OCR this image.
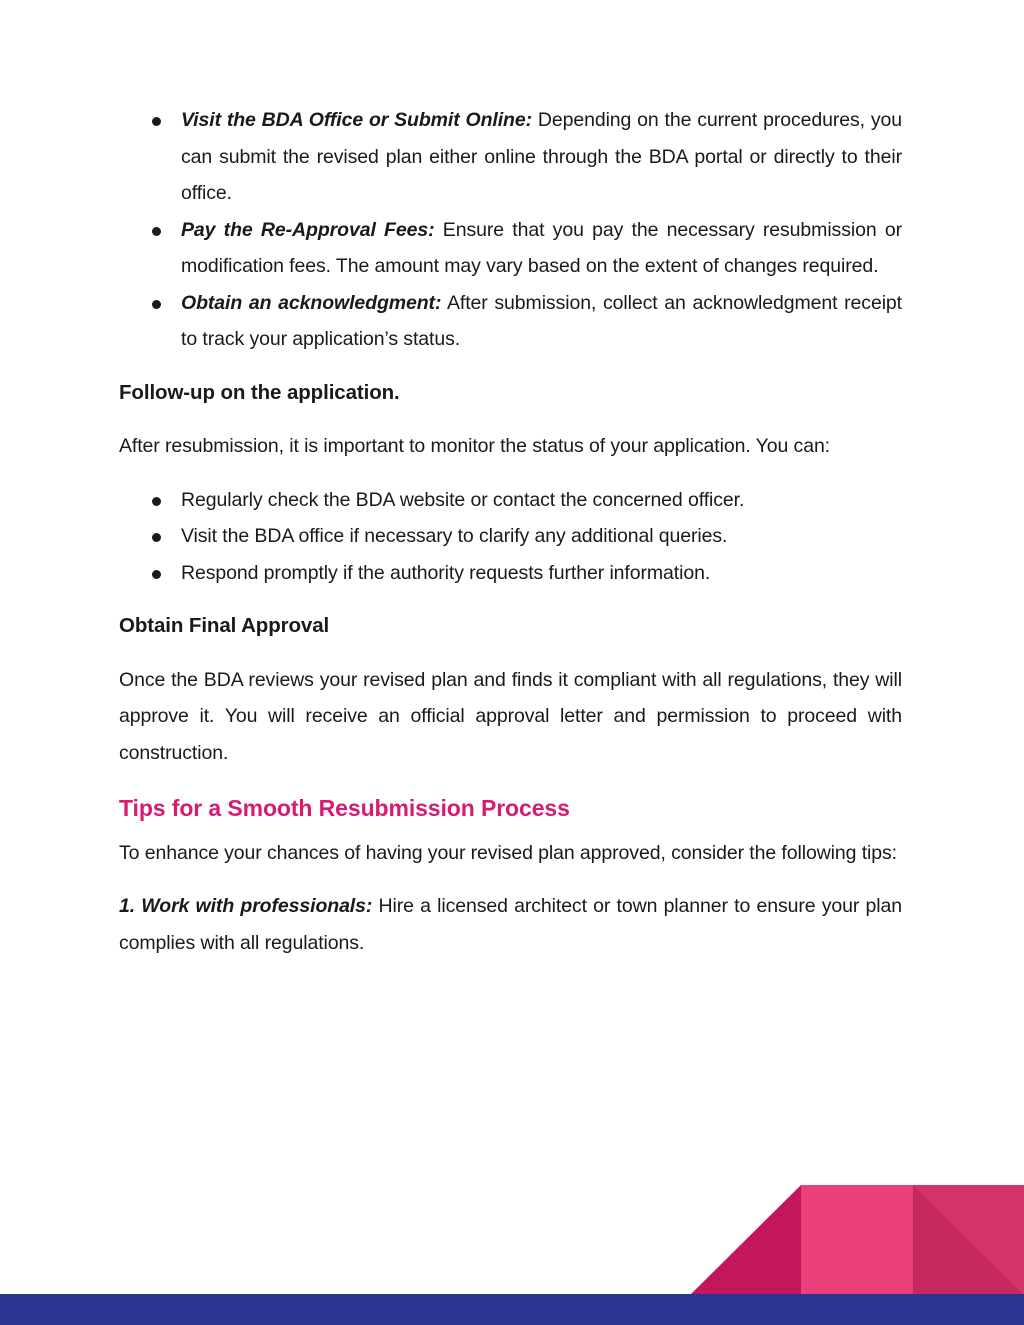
Visit the BDA Office or Submit Online: Depending on the current procedures, you can submit the revised plan either online through the BDA portal or directly to their office.
Pay the Re-Approval Fees: Ensure that you pay the necessary resubmission or modification fees. The amount may vary based on the extent of changes required.
Obtain an acknowledgment: After submission, collect an acknowledgment receipt to track your application’s status.

Follow-up on the application.

After resubmission, it is important to monitor the status of your application. You can:

Regularly check the BDA website or contact the concerned officer.
Visit the BDA office if necessary to clarify any additional queries.
Respond promptly if the authority requests further information.

Obtain Final Approval

Once the BDA reviews your revised plan and finds it compliant with all regulations, they will approve it. You will receive an official approval letter and permission to proceed with construction.

Tips for a Smooth Resubmission Process

To enhance your chances of having your revised plan approved, consider the following tips:

1. Work with professionals: Hire a licensed architect or town planner to ensure your plan complies with all regulations.
